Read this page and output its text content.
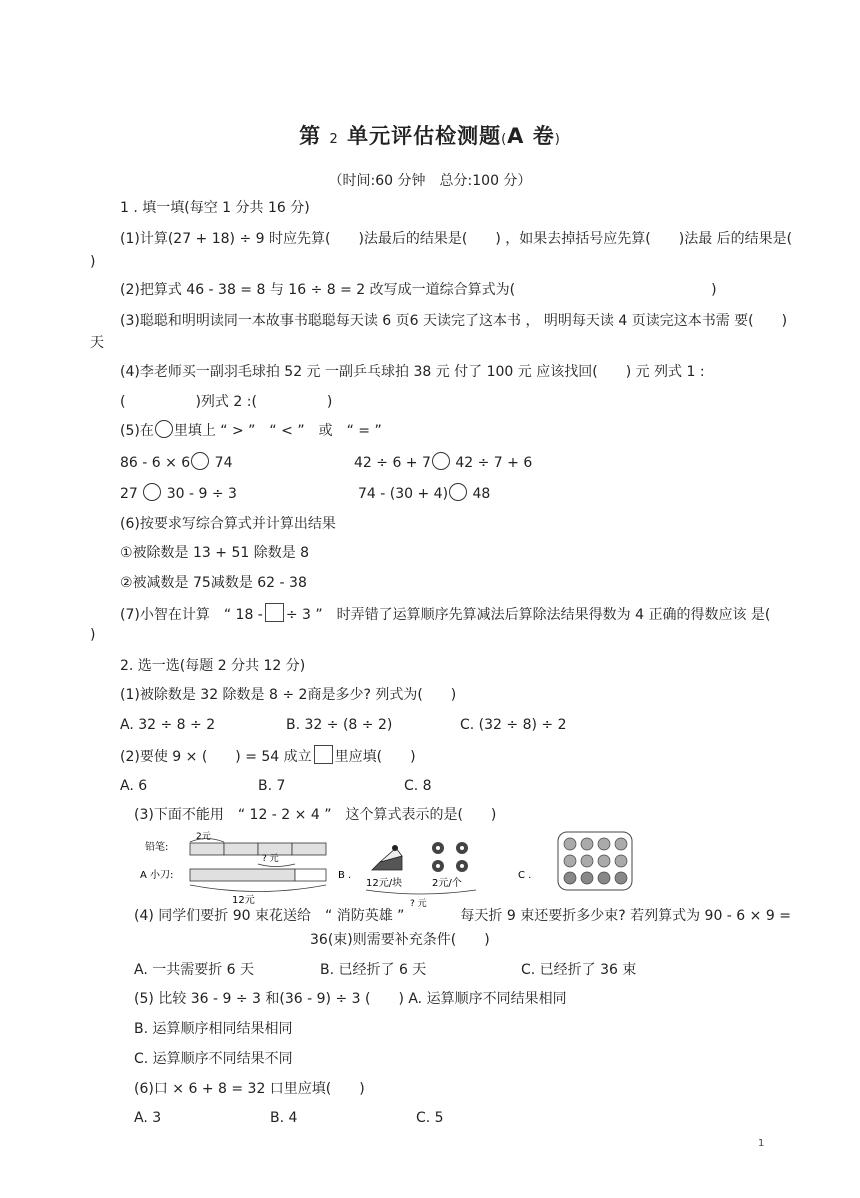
第 2 单元评估检测题(A 卷)
（时间:60 分钟　总分:100 分）
1 . 填一填(每空 1 分共 16 分)
(1)计算(27 + 18) ÷ 9 时应先算(　　)法最后的结果是(　　) ，如果去掉括号应先算(　　)法最 后的结果是(
)
(2)把算式 46 - 38 = 8 与 16 ÷ 8 = 2 改写成一道综合算式为(　　　　　　　　　　　　　　)
(3)聪聪和明明读同一本故事书聪聪每天读 6 页6 天读完了这本书 ， 明明每天读 4 页读完这本书需 要(　　)
天
(4)李老师买一副羽毛球拍 52 元 一副乒乓球拍 38 元 付了 100 元 应该找回(　　) 元 列式 1 :
(　　　　　)列式 2 :(　　　　　)
(5)在 里填上 “ > ”　“ < ”　或　“ = ”
86 - 6 × 6 74	42 ÷ 6 + 7 42 ÷ 7 + 6
27 30 - 9 ÷ 3	74 - (30 + 4) 48
(6)按要求写综合算式并计算出结果
①被除数是 13 + 51 除数是 8
②被减数是 75减数是 62 - 38
(7)小智在计算　“ 18 - ÷ 3 ”　时弄错了运算顺序先算减法后算除法结果得数为 4 正确的得数应该 是(
)
2. 选一选(每题 2 分共 12 分)
(1)被除数是 32 除数是 8 ÷ 2商是多少? 列式为(　　)
A. 32 ÷ 8 ÷ 2	B. 32 ÷ (8 ÷ 2)	C. (32 ÷ 8) ÷ 2
(2)要使 9 × (　　) = 54 成立 里应填(　　)
A. 6	B. 7	C. 8
(3)下面不能用　“ 12 - 2 × 4 ”　这个算式表示的是(　　)
铅笔:
A 小刀:
2元
? 元
12元
B .
12元/块	2元/个
? 元
C .
(4) 同学们要折 90 束花送给　“ 消防英雄 ”　　　　每天折 9 束还要折多少束? 若列算式为 90 - 6 × 9 =
36(束)则需要补充条件(　　)
A. 一共需要折 6 天	B. 已经折了 6 天	C. 已经折了 36 束
(5) 比较 36 - 9 ÷ 3 和(36 - 9) ÷ 3 (　　) A. 运算顺序不同结果相同
B. 运算顺序相同结果相同
C. 运算顺序不同结果不同
(6)口 × 6 + 8 = 32 口里应填(　　)
A. 3	B. 4	C. 5
1
